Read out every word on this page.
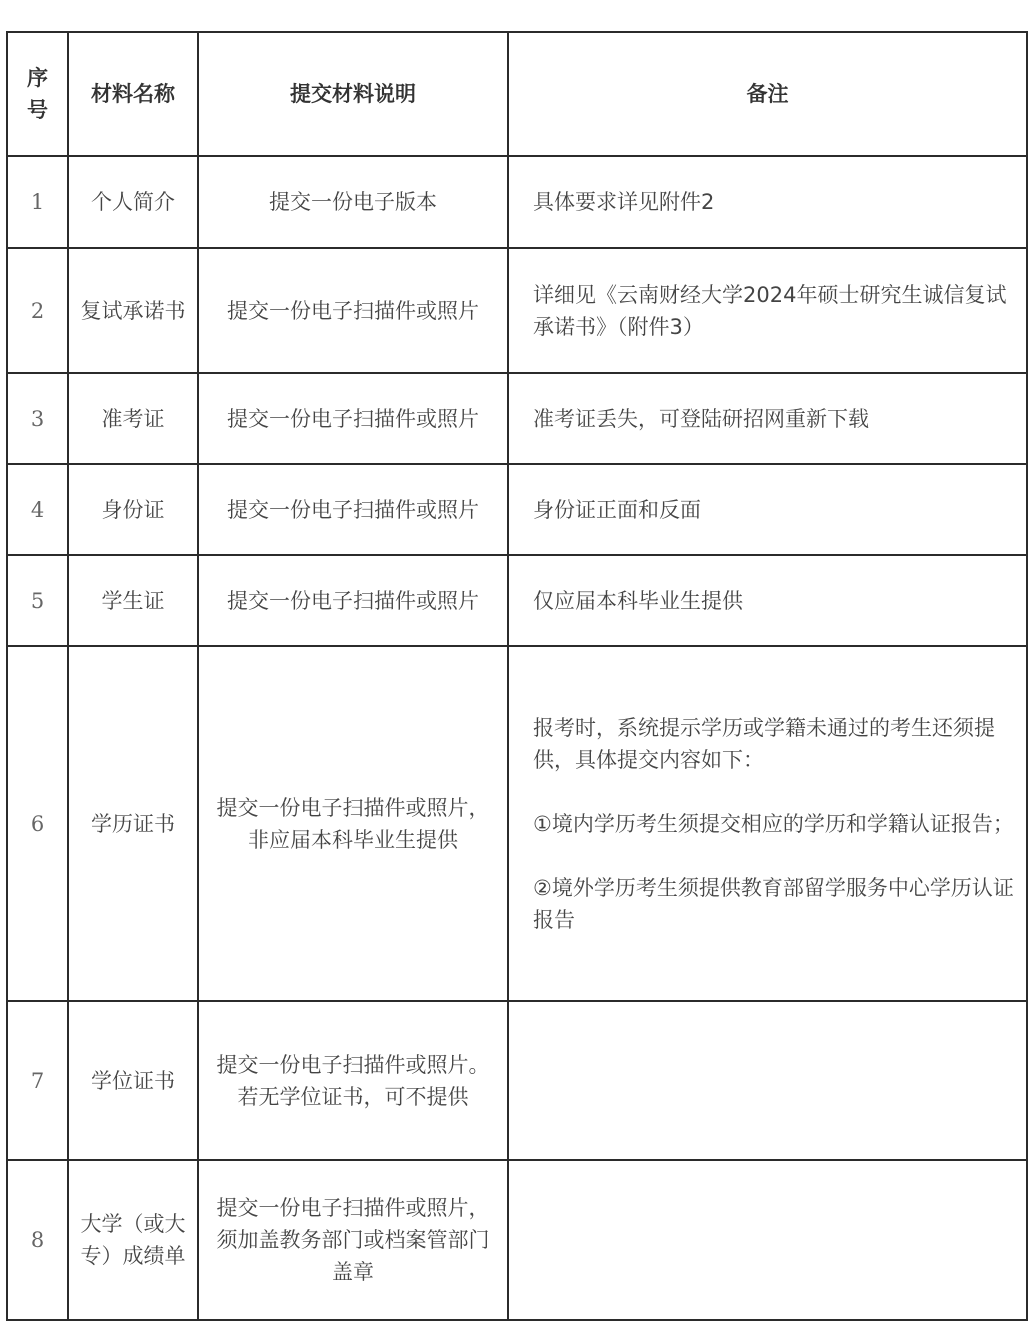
序号	材料名称	提交材料说明	备注
1	个人简介	提交一份电子版本	具体要求详见附件2

2	复试承诺书	提交一份电子扫描件或照片	详细见《云南财经大学2024年硕士研究生诚信复试承诺书》（附件3）

3	准考证	提交一份电子扫描件或照片	准考证丢失，可登陆研招网重新下载

4	身份证	提交一份电子扫描件或照片	身份证正面和反面

5	学生证	提交一份电子扫描件或照片	仅应届本科毕业生提供

6	学历证书	提交一份电子扫描件或照片，非应届本科毕业生提供	报考时，系统提示学历或学籍未通过的考生还须提供，具体提交内容如下：

①境内学历考生须提交相应的学历和学籍认证报告；

②境外学历考生须提供教育部留学服务中心学历认证报告

7	学位证书	提交一份电子扫描件或照片。若无学位证书，可不提供	
8	大学（或大专）成绩单	提交一份电子扫描件或照片，须加盖教务部门或档案管部门盖章	
